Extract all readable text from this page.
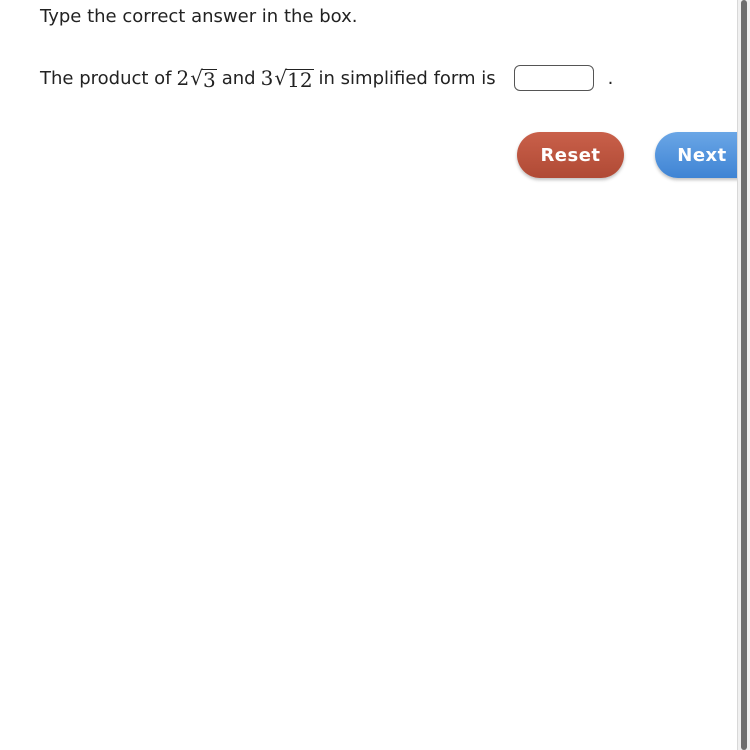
Type the correct answer in the box.
The product of 2 √ 3 and 3 √ 12 in simplified form is	.
Reset	Next
